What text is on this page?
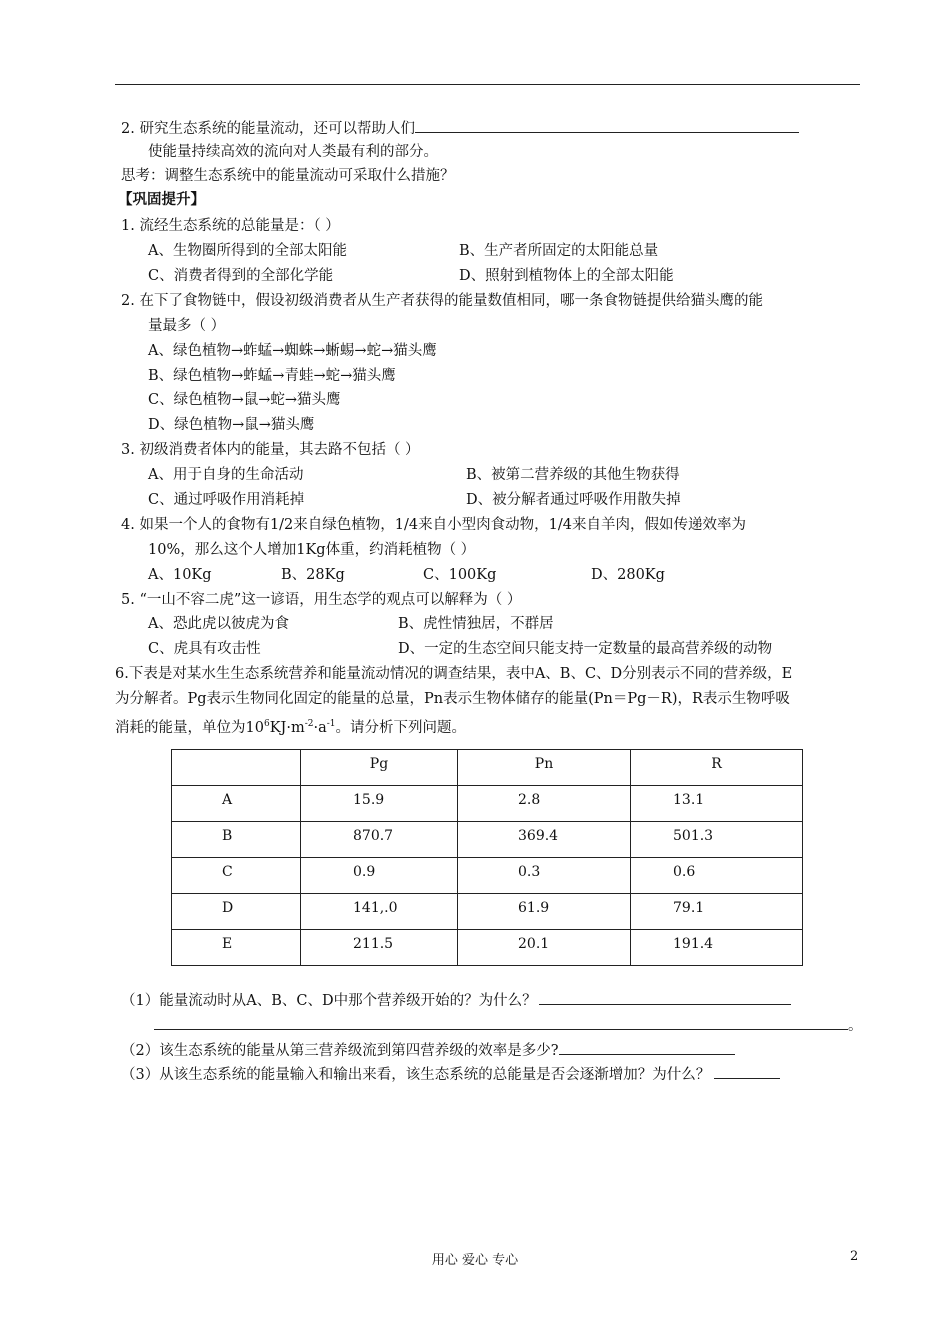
2. 研究生态系统的能量流动，还可以帮助人们
使能量持续高效的流向对人类最有利的部分。
思考：调整生态系统中的能量流动可采取什么措施？
【巩固提升】
1. 流经生态系统的总能量是：（ ）
A、生物圈所得到的全部太阳能	B、生产者所固定的太阳能总量
C、消费者得到的全部化学能	D、照射到植物体上的全部太阳能
2. 在下了食物链中，假设初级消费者从生产者获得的能量数值相同，哪一条食物链提供给猫头鹰的能
量最多（ ）
A、绿色植物→蚱蜢→蜘蛛→蜥蜴→蛇→猫头鹰
B、绿色植物→蚱蜢→青蛙→蛇→猫头鹰
C、绿色植物→鼠→蛇→猫头鹰
D、绿色植物→鼠→猫头鹰
3. 初级消费者体内的能量，其去路不包括（ ）
A、用于自身的生命活动	B、被第二营养级的其他生物获得
C、通过呼吸作用消耗掉	D、被分解者通过呼吸作用散失掉
4. 如果一个人的食物有1/2来自绿色植物，1/4来自小型肉食动物，1/4来自羊肉，假如传递效率为
10%，那么这个人增加1Kg体重，约消耗植物（ ）
A、10Kg	B、28Kg	C、100Kg	D、280Kg
5. “一山不容二虎”这一谚语，用生态学的观点可以解释为（ ）
A、恐此虎以彼虎为食	B、虎性情独居，不群居
C、虎具有攻击性	D、一定的生态空间只能支持一定数量的最高营养级的动物
6.下表是对某水生生态系统营养和能量流动情况的调查结果，表中A、B、C、D分别表示不同的营养级，E
为分解者。Pg表示生物同化固定的能量的总量，Pn表示生物体储存的能量(Pn＝Pg－R)，R表示生物呼吸
消耗的能量，单位为$10^6KJ\cdot m^{-2}\cdot a^{-1}$。请分析下列问题。
	Pg	Pn	R
A	15.9	2.8	13.1
B	870.7	369.4	501.3
C	0.9	0.3	0.6
D	141,.0	61.9	79.1
E	211.5	20.1	191.4
（1）能量流动时从A、B、C、D中那个营养级开始的？为什么？
。
（2）该生态系统的能量从第三营养级流到第四营养级的效率是多少?
（3）从该生态系统的能量输入和输出来看，该生态系统的总能量是否会逐渐增加？为什么？
用心 爱心 专心	2
